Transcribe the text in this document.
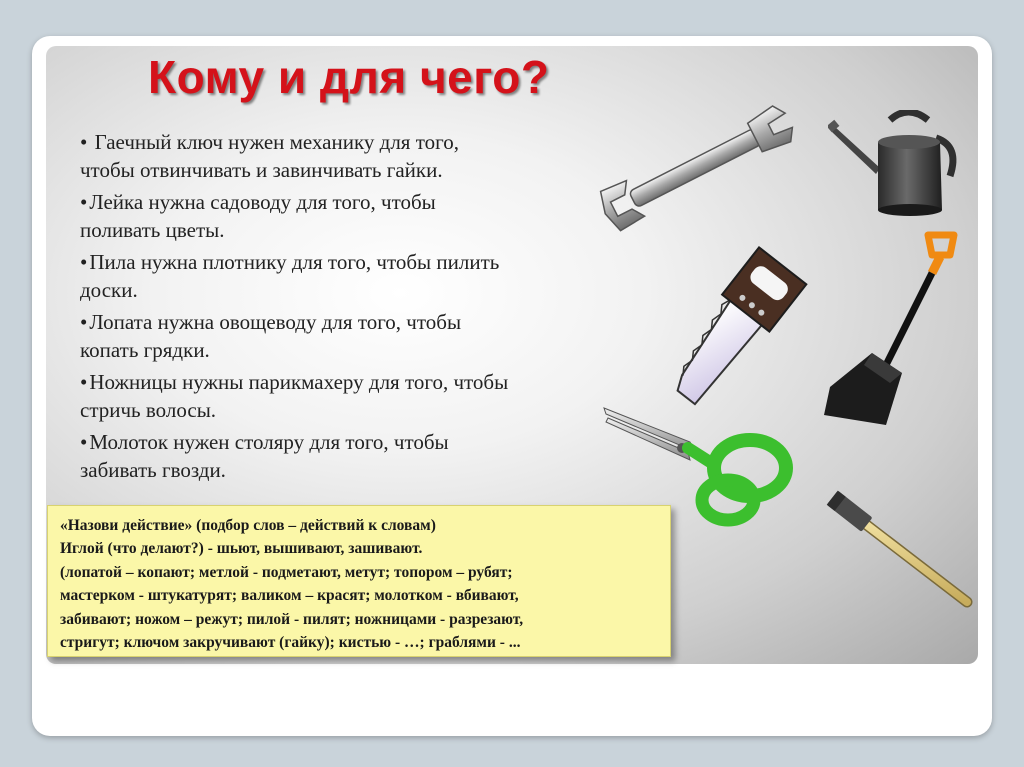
Кому и для чего?
• Гаечный ключ нужен механику для того,
чтобы отвинчивать и завинчивать гайки.
•Лейка нужна садоводу для того, чтобы
поливать цветы.
•Пила нужна плотнику для того, чтобы пилить
доски.
•Лопата нужна овощеводу для того, чтобы
копать грядки.
•Ножницы нужны парикмахеру для того, чтобы
стричь волосы.
•Молоток нужен столяру для того, чтобы
забивать гвозди.
«Назови действие» (подбор слов – действий к словам)
Иглой (что делают?) - шьют, вышивают, зашивают.
(лопатой – копают; метлой - подметают, метут; топором – рубят;
мастерком - штукатурят; валиком – красят; молотком - вбивают,
забивают; ножом – режут; пилой - пилят; ножницами - разрезают,
стригут; ключом закручивают (гайку); кистью - …; граблями - ...
